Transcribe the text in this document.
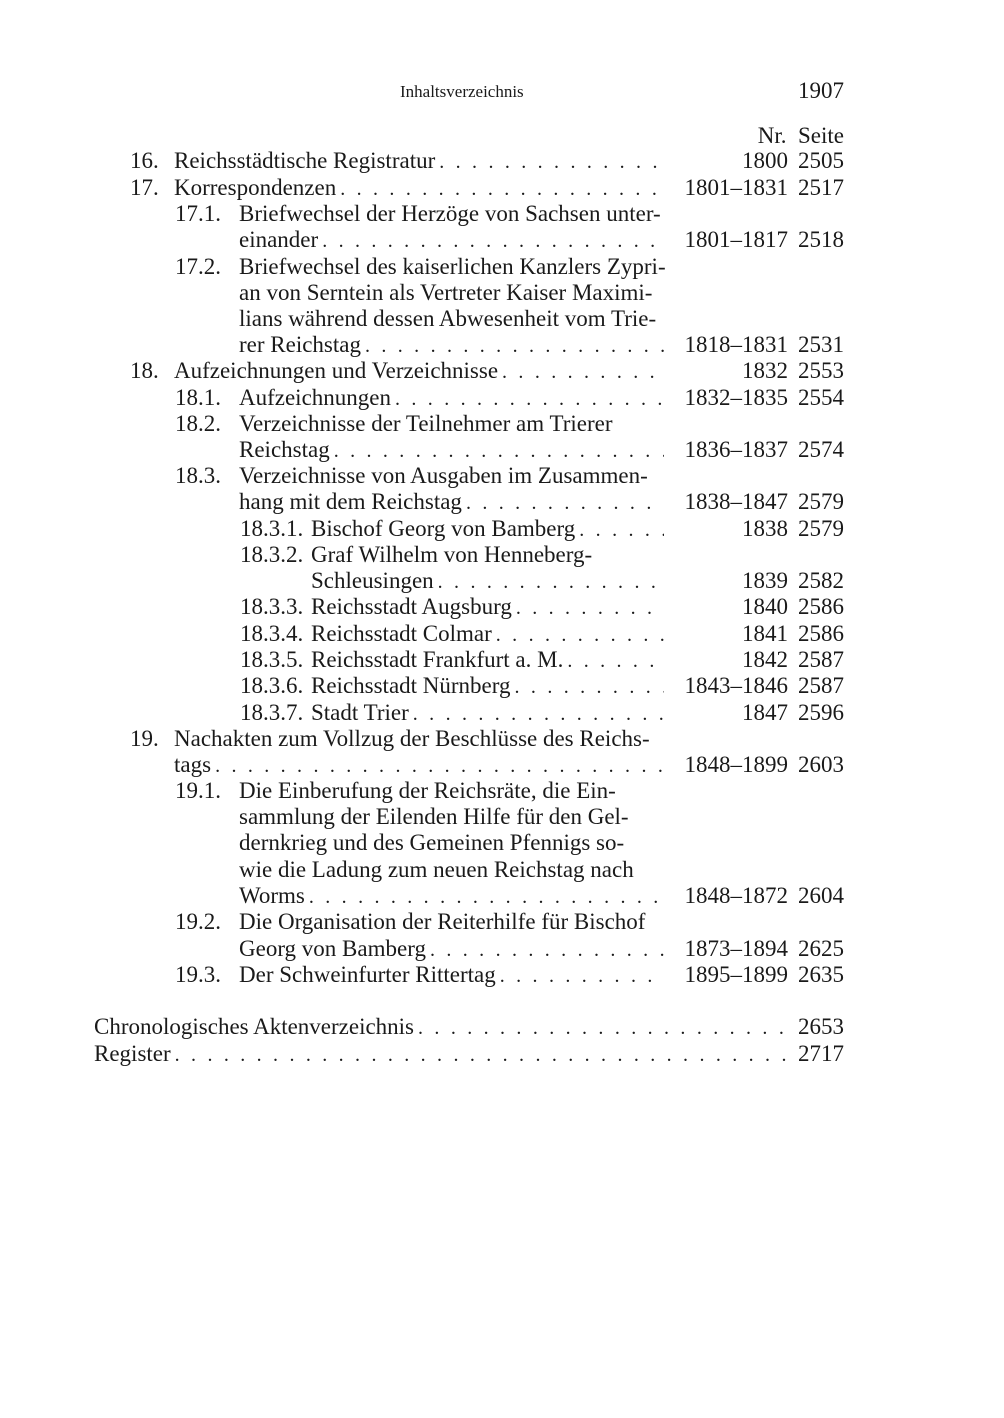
Inhaltsverzeichnis	1907
Nr.  Seite
16. Reichsstädtische Registratur . . .	1800 2505
17. Korrespondenzen . . .	1801–1831 2517
17.1. Briefwechsel der Herzöge von Sachsen unter-
einander . . .	1801–1817 2518
17.2. Briefwechsel des kaiserlichen Kanzlers Zypri-
an von Serntein als Vertreter Kaiser Maximi-
lians während dessen Abwesenheit vom Trie-
rer Reichstag . . .	1818–1831 2531
18. Aufzeichnungen und Verzeichnisse . . .	1832 2553
18.1. Aufzeichnungen . . .	1832–1835 2554
18.2. Verzeichnisse der Teilnehmer am Trierer
Reichstag . . .	1836–1837 2574
18.3. Verzeichnisse von Ausgaben im Zusammen-
hang mit dem Reichstag . . .	1838–1847 2579
18.3.1. Bischof Georg von Bamberg . . .	1838 2579
18.3.2. Graf Wilhelm von Henneberg-
Schleusingen . . .	1839 2582
18.3.3. Reichsstadt Augsburg . . .	1840 2586
18.3.4. Reichsstadt Colmar . . .	1841 2586
18.3.5. Reichsstadt Frankfurt a. M. . . .	1842 2587
18.3.6. Reichsstadt Nürnberg . . .	1843–1846 2587
18.3.7. Stadt Trier . . .	1847 2596
19. Nachakten zum Vollzug der Beschlüsse des Reichs-
tags . . .	1848–1899 2603
19.1. Die Einberufung der Reichsräte, die Ein-
sammlung der Eilenden Hilfe für den Gel-
dernkrieg und des Gemeinen Pfennigs so-
wie die Ladung zum neuen Reichstag nach
Worms . . .	1848–1872 2604
19.2. Die Organisation der Reiterhilfe für Bischof
Georg von Bamberg . . .	1873–1894 2625
19.3. Der Schweinfurter Rittertag . . .	1895–1899 2635
Chronologisches Aktenverzeichnis . . .	2653
Register . . .	2717
